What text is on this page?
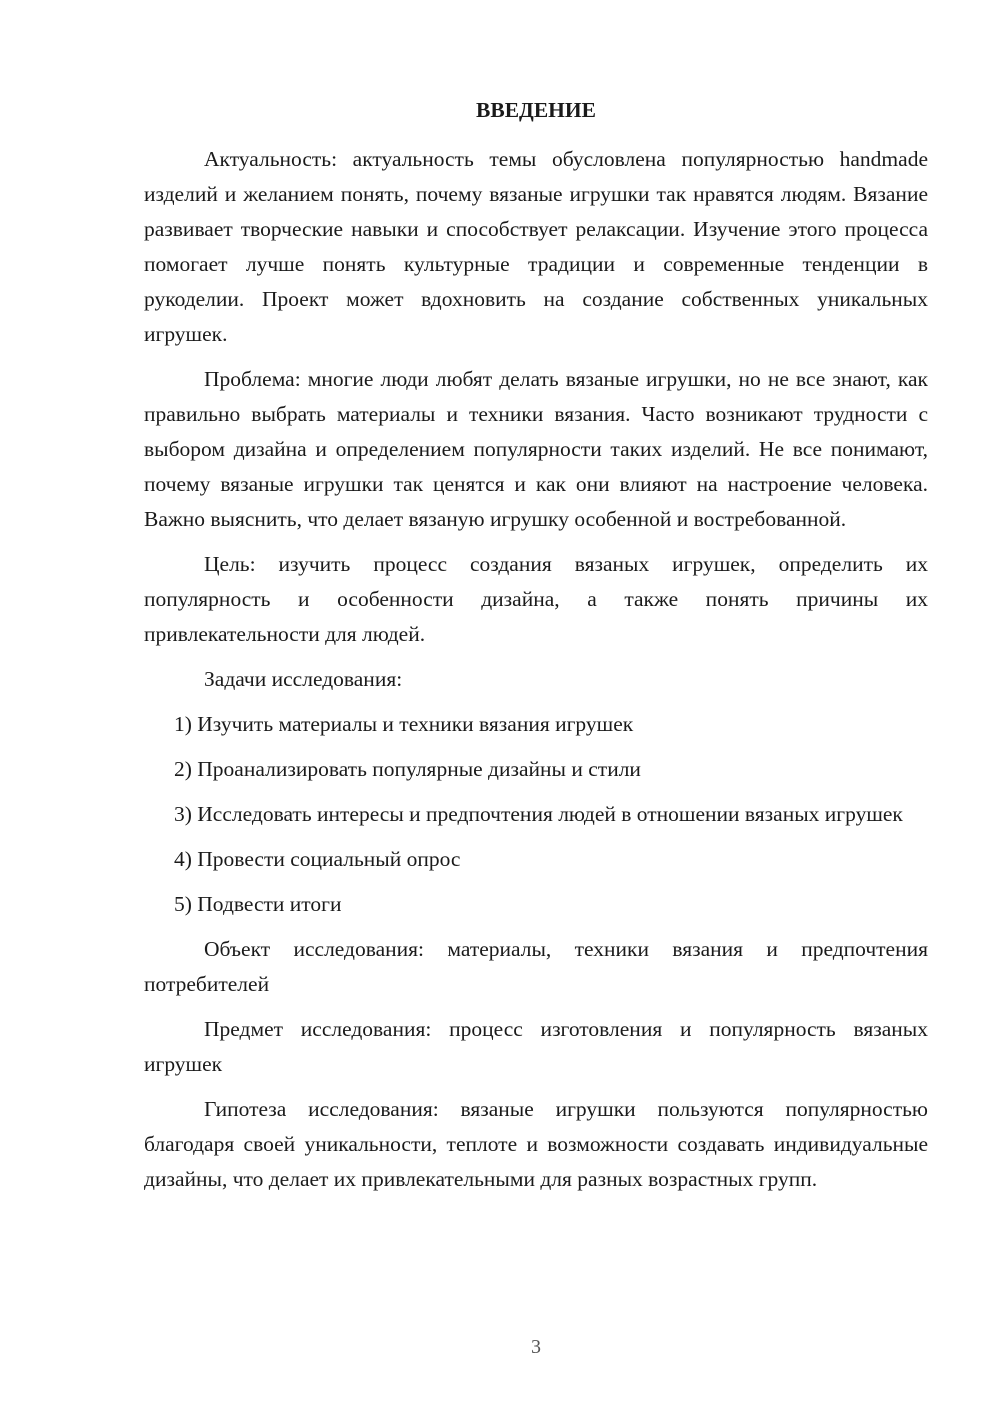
ВВЕДЕНИЕ

Актуальность: актуальность темы обусловлена популярностью handmade изделий и желанием понять, почему вязаные игрушки так нравятся людям. Вязание развивает творческие навыки и способствует релаксации. Изучение этого процесса помогает лучше понять культурные традиции и современные тенденции в рукоделии. Проект может вдохновить на создание собственных уникальных игрушек.

Проблема: многие люди любят делать вязаные игрушки, но не все знают, как правильно выбрать материалы и техники вязания. Часто возникают трудности с выбором дизайна и определением популярности таких изделий. Не все понимают, почему вязаные игрушки так ценятся и как они влияют на настроение человека. Важно выяснить, что делает вязаную игрушку особенной и востребованной.

Цель: изучить процесс создания вязаных игрушек, определить их популярность и особенности дизайна, а также понять причины их привлекательности для людей.

Задачи исследования:

1) Изучить материалы и техники вязания игрушек

2) Проанализировать популярные дизайны и стили

3) Исследовать интересы и предпочтения людей в отношении вязаных игрушек

4) Провести социальный опрос

5) Подвести итоги

Объект исследования: материалы, техники вязания и предпочтения потребителей

Предмет исследования: процесс изготовления и популярность вязаных игрушек

Гипотеза исследования: вязаные игрушки пользуются популярностью благодаря своей уникальности, теплоте и возможности создавать индивидуальные дизайны, что делает их привлекательными для разных возрастных групп.

3
